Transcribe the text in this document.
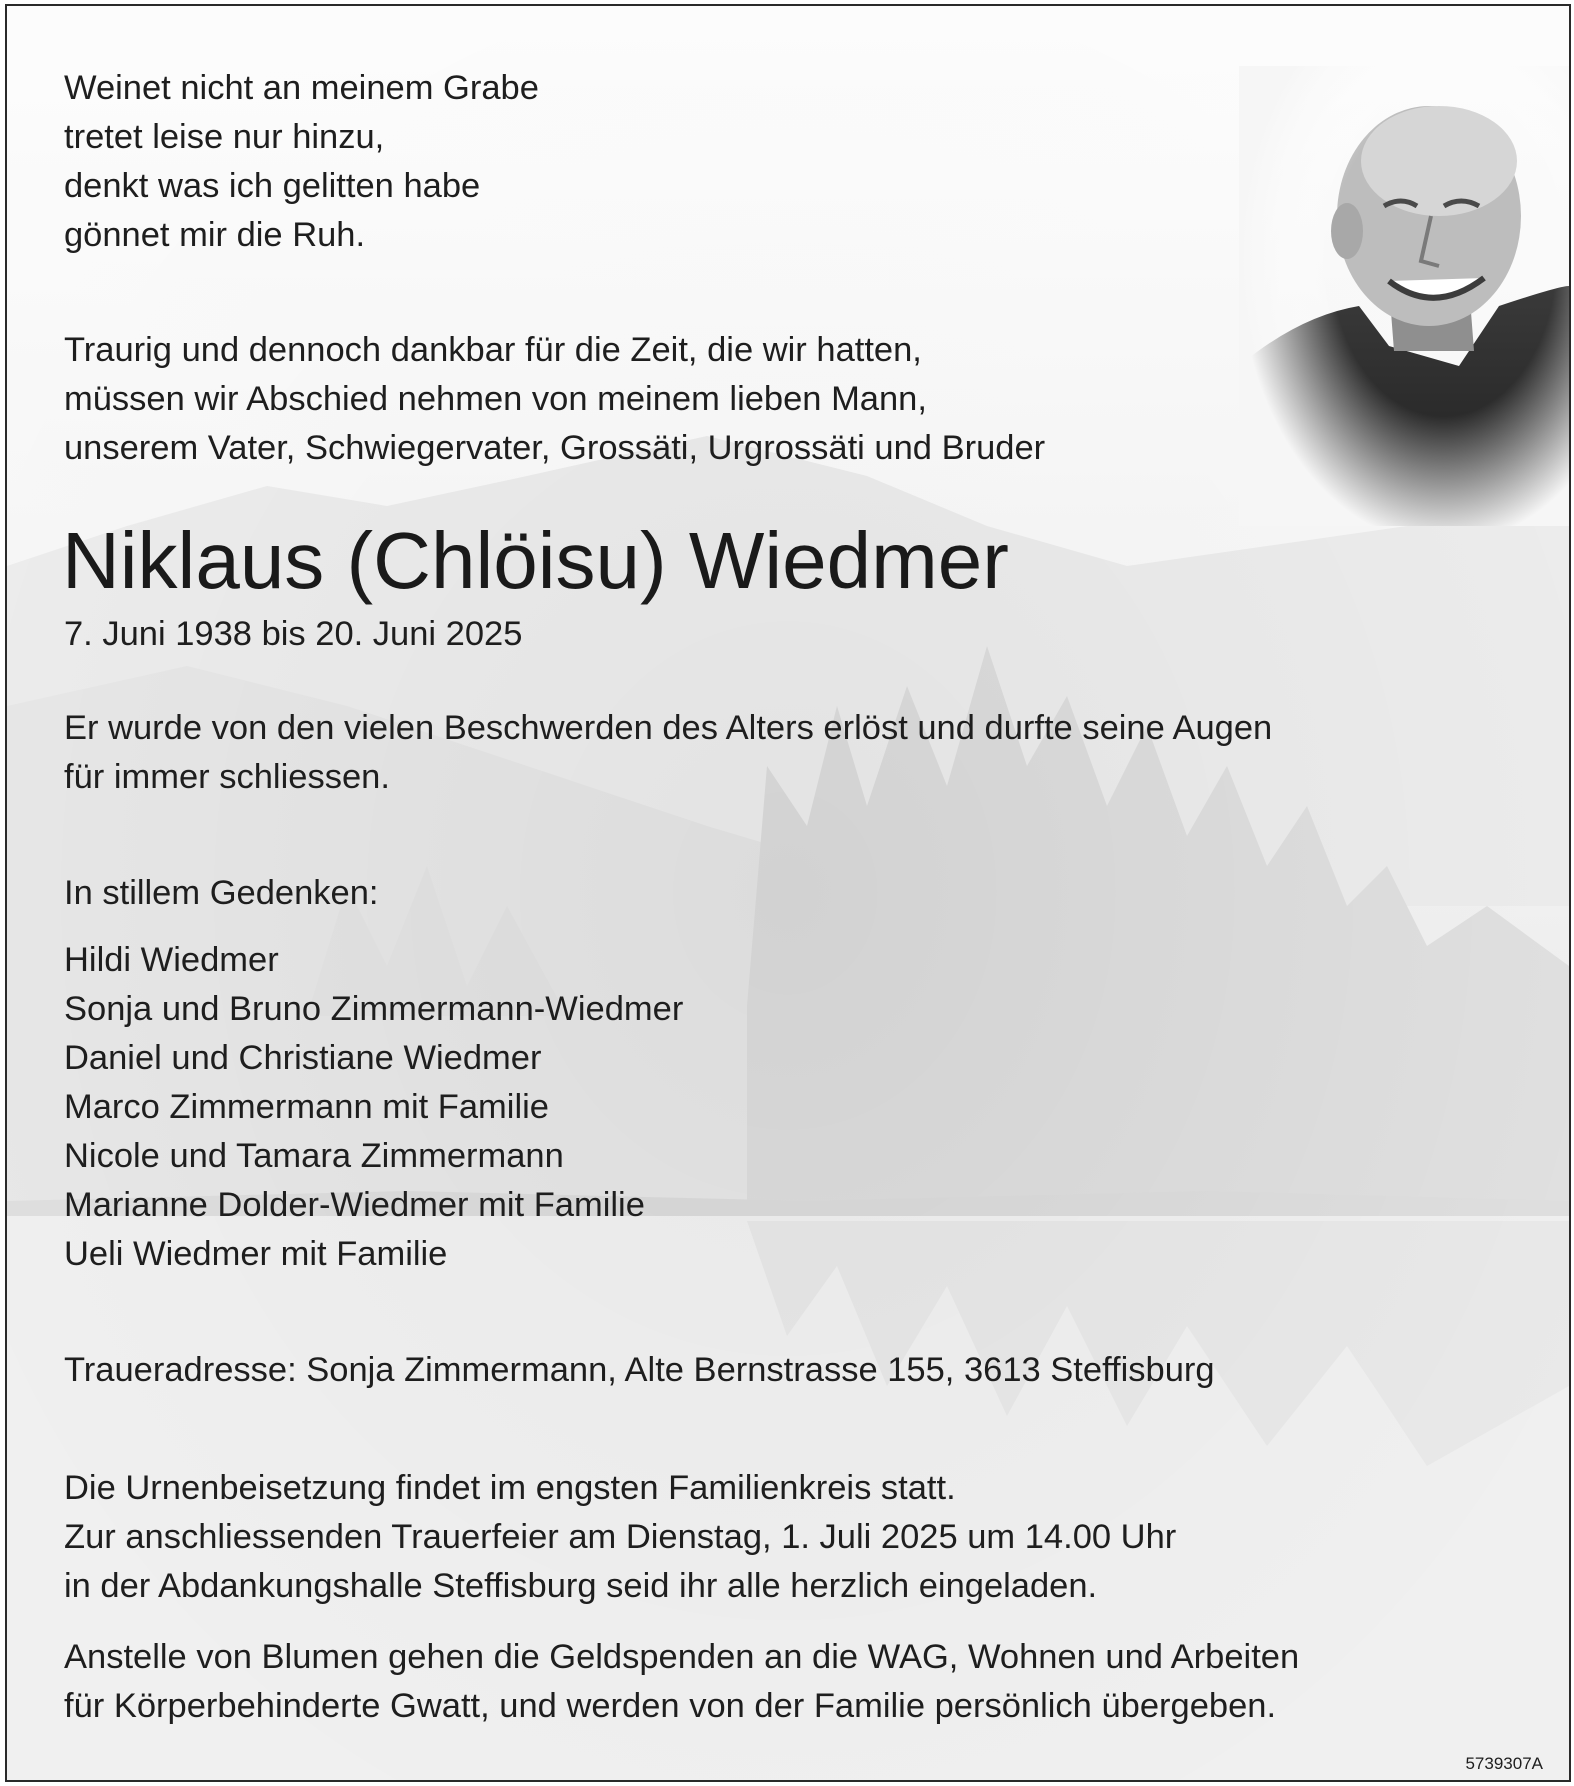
Weinet nicht an meinem Grabe
tretet leise nur hinzu,
denkt was ich gelitten habe
gönnet mir die Ruh.
Traurig und dennoch dankbar für die Zeit, die wir hatten,
müssen wir Abschied nehmen von meinem lieben Mann,
unserem Vater, Schwiegervater, Grossäti, Urgrossäti und Bruder
Niklaus (Chlöisu) Wiedmer
7. Juni 1938 bis 20. Juni 2025
Er wurde von den vielen Beschwerden des Alters erlöst und durfte seine Augen
für immer schliessen.
In stillem Gedenken:
Hildi Wiedmer
Sonja und Bruno Zimmermann-Wiedmer
Daniel und Christiane Wiedmer
Marco Zimmermann mit Familie
Nicole und Tamara Zimmermann
Marianne Dolder-Wiedmer mit Familie
Ueli Wiedmer mit Familie
Traueradresse: Sonja Zimmermann, Alte Bernstrasse 155, 3613 Steffisburg
Die Urnenbeisetzung findet im engsten Familienkreis statt.
Zur anschliessenden Trauerfeier am Dienstag, 1. Juli 2025 um 14.00 Uhr
in der Abdankungshalle Steffisburg seid ihr alle herzlich eingeladen.
Anstelle von Blumen gehen die Geldspenden an die WAG, Wohnen und Arbeiten
für Körperbehinderte Gwatt, und werden von der Familie persönlich übergeben.
5739307A
